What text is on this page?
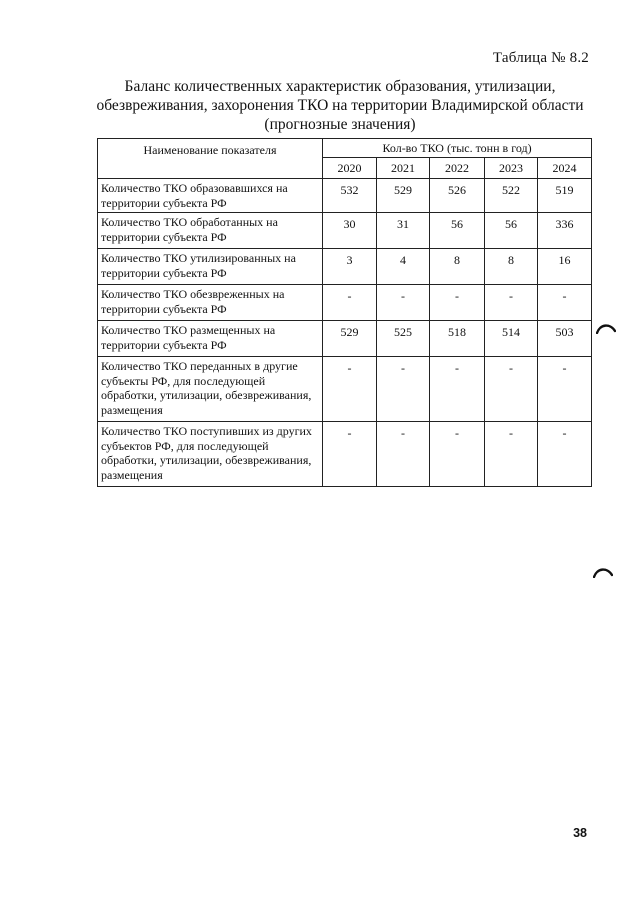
Таблица № 8.2
Баланс количественных характеристик образования, утилизации,
обезвреживания, захоронения ТКО на территории Владимирской области
(прогнозные значения)
Наименование показателя	Кол-во ТКО (тыс. тонн в год)				
	2020	2021	2022	2023	2024
Количество ТКО образовавшихся на территории субъекта РФ	532	529	526	522	519
Количество ТКО обработанных на территории субъекта РФ	30	31	56	56	336
Количество ТКО утилизированных на территории субъекта РФ	3	4	8	8	16
Количество ТКО обезвреженных на территории субъекта РФ	-	-	-	-	-
Количество ТКО размещенных на территории субъекта РФ	529	525	518	514	503
Количество ТКО переданных в другие субъекты РФ, для последующей обработки, утилизации, обезвреживания, размещения	-	-	-	-	-
Количество ТКО поступивших из других субъектов РФ, для последующей обработки, утилизации, обезвреживания, размещения	-	-	-	-	-
38
